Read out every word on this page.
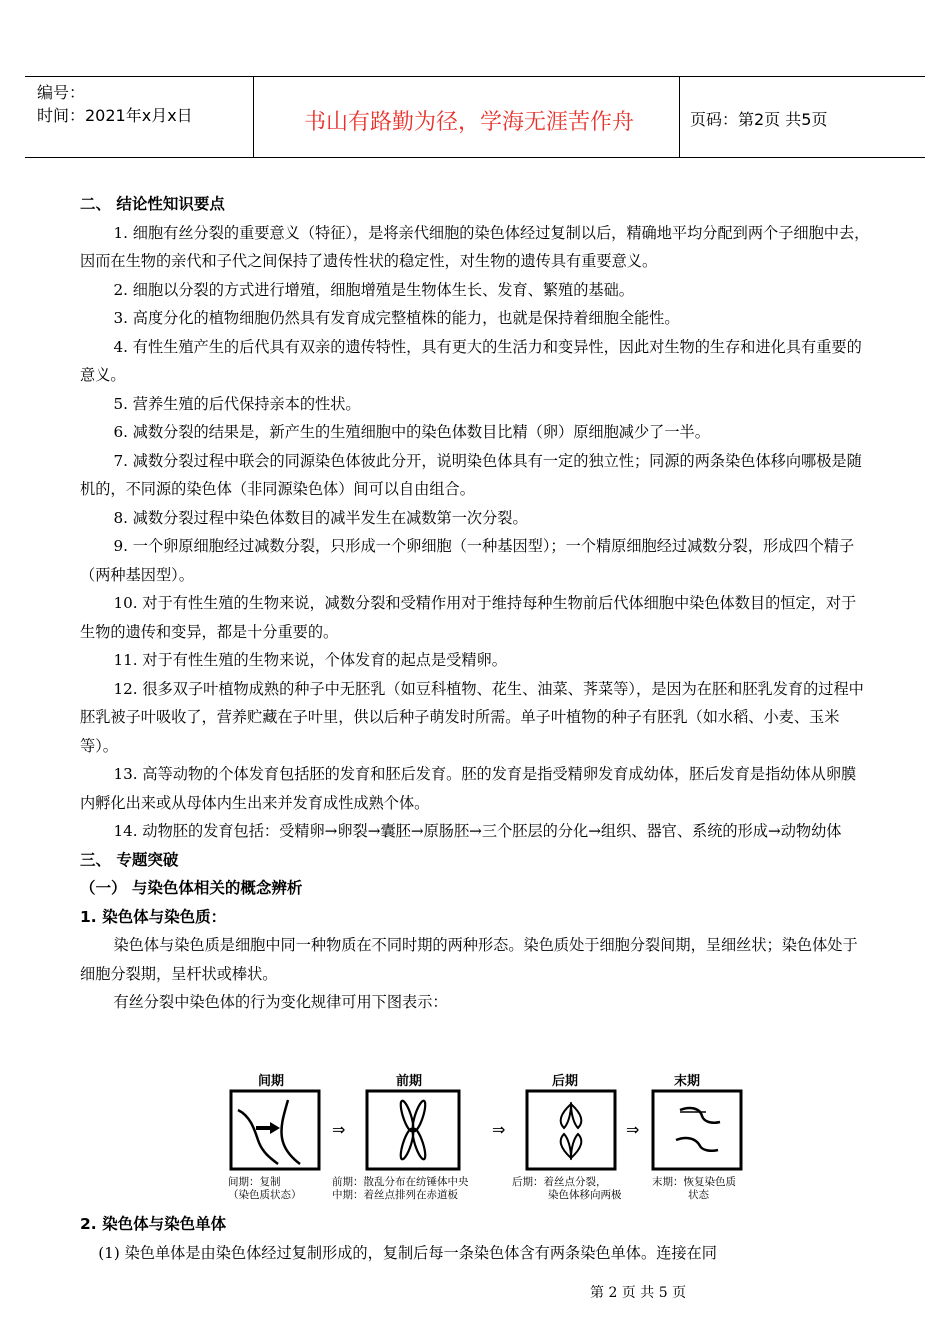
编号：
时间：2021年x月x日	书山有路勤为径，学海无涯苦作舟	页码：第2页 共5页

二、 结论性知识要点

1. 细胞有丝分裂的重要意义（特征），是将亲代细胞的染色体经过复制以后，精确地平均分配到两个子细胞中去，因而在生物的亲代和子代之间保持了遗传性状的稳定性，对生物的遗传具有重要意义。

2. 细胞以分裂的方式进行增殖，细胞增殖是生物体生长、发育、繁殖的基础。

3. 高度分化的植物细胞仍然具有发育成完整植株的能力，也就是保持着细胞全能性。

4. 有性生殖产生的后代具有双亲的遗传特性，具有更大的生活力和变异性，因此对生物的生存和进化具有重要的意义。

5. 营养生殖的后代保持亲本的性状。

6. 减数分裂的结果是，新产生的生殖细胞中的染色体数目比精（卵）原细胞减少了一半。

7. 减数分裂过程中联会的同源染色体彼此分开，说明染色体具有一定的独立性；同源的两条染色体移向哪极是随机的，不同源的染色体（非同源染色体）间可以自由组合。

8. 减数分裂过程中染色体数目的减半发生在减数第一次分裂。

9. 一个卵原细胞经过减数分裂，只形成一个卵细胞（一种基因型）；一个精原细胞经过减数分裂，形成四个精子（两种基因型）。

10. 对于有性生殖的生物来说，减数分裂和受精作用对于维持每种生物前后代体细胞中染色体数目的恒定，对于生物的遗传和变异，都是十分重要的。

11. 对于有性生殖的生物来说，个体发育的起点是受精卵。

12. 很多双子叶植物成熟的种子中无胚乳（如豆科植物、花生、油菜、荠菜等），是因为在胚和胚乳发育的过程中胚乳被子叶吸收了，营养贮藏在子叶里，供以后种子萌发时所需。单子叶植物的种子有胚乳（如水稻、小麦、玉米等）。

13. 高等动物的个体发育包括胚的发育和胚后发育。胚的发育是指受精卵发育成幼体，胚后发育是指幼体从卵膜内孵化出来或从母体内生出来并发育成性成熟个体。

14. 动物胚的发育包括：受精卵→卵裂→囊胚→原肠胚→三个胚层的分化→组织、器官、系统的形成→动物幼体

三、 专题突破

（一） 与染色体相关的概念辨析

1. 染色体与染色质：

染色体与染色质是细胞中同一种物质在不同时期的两种形态。染色质处于细胞分裂间期，呈细丝状；染色体处于细胞分裂期，呈杆状或棒状。

有丝分裂中染色体的行为变化规律可用下图表示：

间期	前期	后期	末期
⇒	⇒	⇒
间期：复制
（染色质状态）
前期：散乱分布在纺锤体中央
中期：着丝点排列在赤道板
后期：着丝点分裂，
染色体移向两极
末期：恢复染色质
状态

2. 染色体与染色单体

(1) 染色单体是由染色体经过复制形成的，复制后每一条染色体含有两条染色单体。连接在同

第 2 页 共 5 页
